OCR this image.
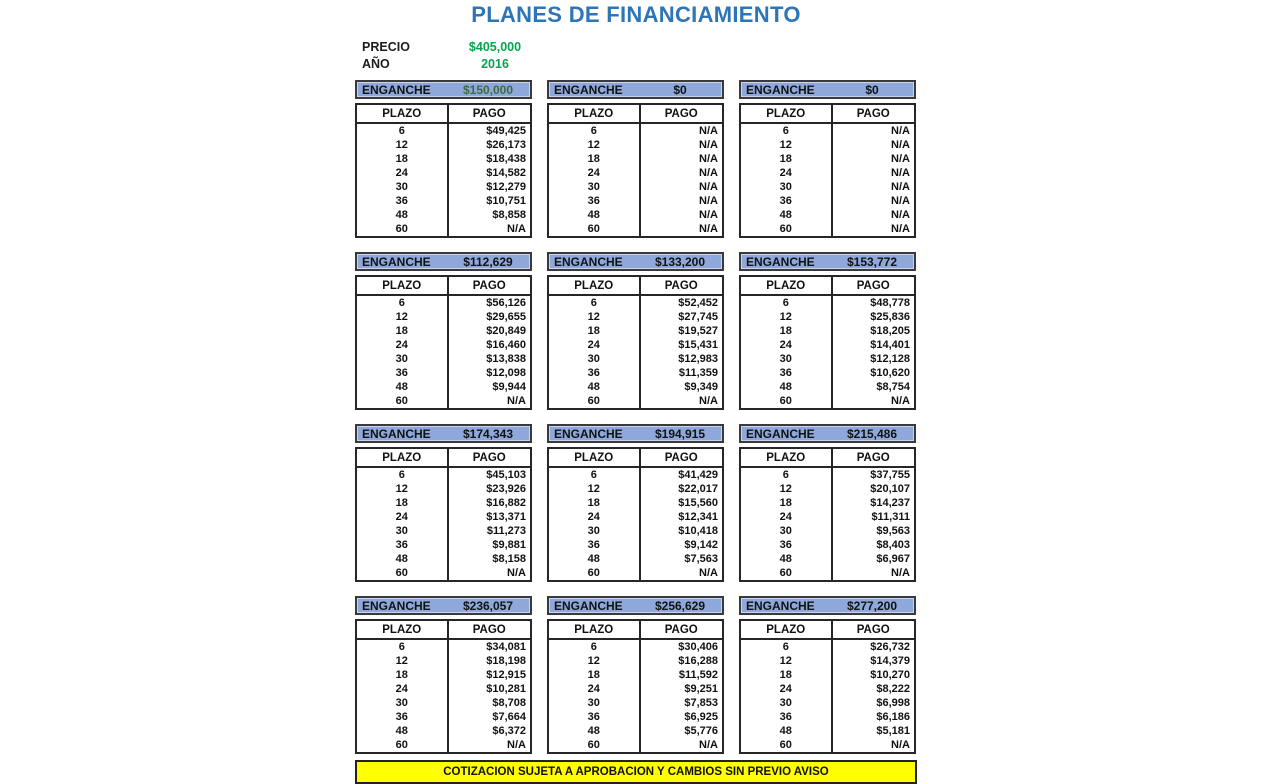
PLANES DE FINANCIAMIENTO
PRECIO	$405,000
AÑO	2016
ENGANCHE	$150,000
PLAZO	PAGO
6	$49,425
12	$26,173
18	$18,438
24	$14,582
30	$12,279
36	$10,751
48	$8,858
60	N/A
ENGANCHE	$0
PLAZO	PAGO
6	N/A
12	N/A
18	N/A
24	N/A
30	N/A
36	N/A
48	N/A
60	N/A
ENGANCHE	$0
PLAZO	PAGO
6	N/A
12	N/A
18	N/A
24	N/A
30	N/A
36	N/A
48	N/A
60	N/A
ENGANCHE	$112,629
PLAZO	PAGO
6	$56,126
12	$29,655
18	$20,849
24	$16,460
30	$13,838
36	$12,098
48	$9,944
60	N/A
ENGANCHE	$133,200
PLAZO	PAGO
6	$52,452
12	$27,745
18	$19,527
24	$15,431
30	$12,983
36	$11,359
48	$9,349
60	N/A
ENGANCHE	$153,772
PLAZO	PAGO
6	$48,778
12	$25,836
18	$18,205
24	$14,401
30	$12,128
36	$10,620
48	$8,754
60	N/A
ENGANCHE	$174,343
PLAZO	PAGO
6	$45,103
12	$23,926
18	$16,882
24	$13,371
30	$11,273
36	$9,881
48	$8,158
60	N/A
ENGANCHE	$194,915
PLAZO	PAGO
6	$41,429
12	$22,017
18	$15,560
24	$12,341
30	$10,418
36	$9,142
48	$7,563
60	N/A
ENGANCHE	$215,486
PLAZO	PAGO
6	$37,755
12	$20,107
18	$14,237
24	$11,311
30	$9,563
36	$8,403
48	$6,967
60	N/A
ENGANCHE	$236,057
PLAZO	PAGO
6	$34,081
12	$18,198
18	$12,915
24	$10,281
30	$8,708
36	$7,664
48	$6,372
60	N/A
ENGANCHE	$256,629
PLAZO	PAGO
6	$30,406
12	$16,288
18	$11,592
24	$9,251
30	$7,853
36	$6,925
48	$5,776
60	N/A
ENGANCHE	$277,200
PLAZO	PAGO
6	$26,732
12	$14,379
18	$10,270
24	$8,222
30	$6,998
36	$6,186
48	$5,181
60	N/A
COTIZACION SUJETA A APROBACION Y CAMBIOS SIN PREVIO AVISO
